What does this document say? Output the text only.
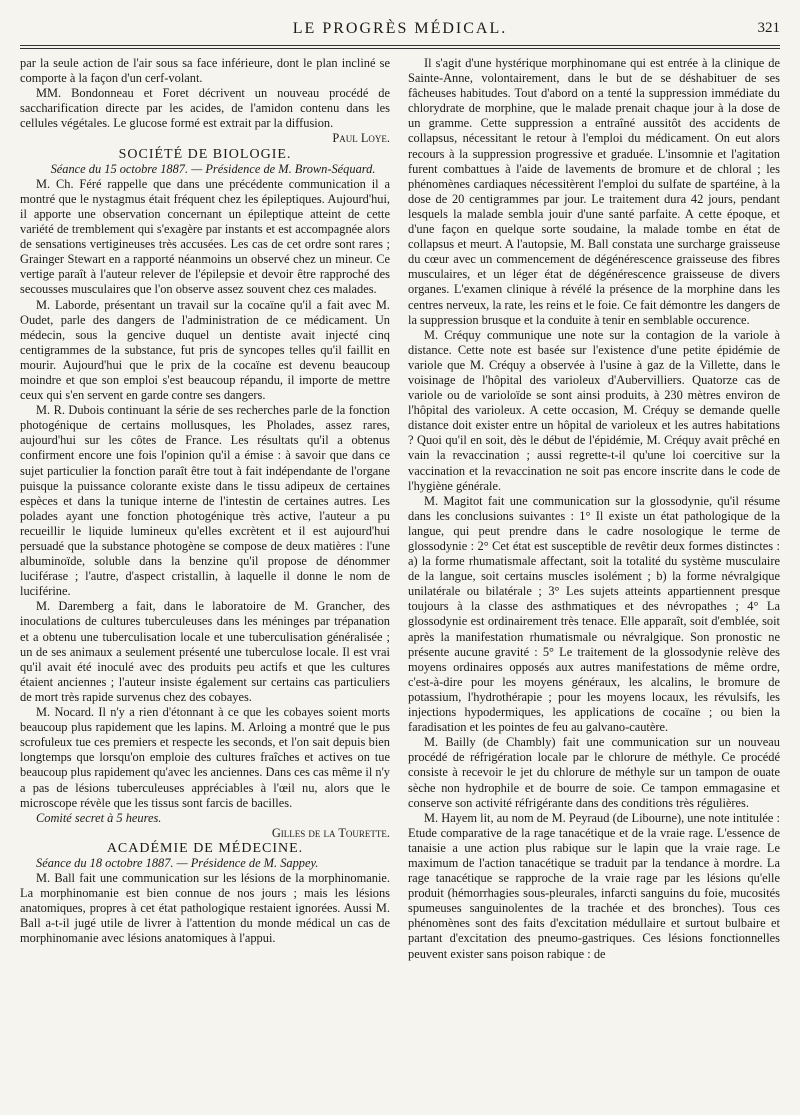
LE PROGRÈS MÉDICAL.	321

par la seule action de l'air sous sa face inférieure, dont le plan incliné se comporte à la façon d'un cerf-volant.

MM. Bondonneau et Foret décrivent un nouveau procédé de saccharification directe par les acides, de l'amidon contenu dans les cellules végétales. Le glucose formé est extrait par la diffusion.

Paul Loye.

SOCIÉTÉ DE BIOLOGIE.

Séance du 15 octobre 1887. — Présidence de M. Brown-Séquard.

M. Ch. Féré rappelle que dans une précédente communication il a montré que le nystagmus était fréquent chez les épileptiques. Aujourd'hui, il apporte une observation concernant un épileptique atteint de cette variété de tremblement qui s'exagère par instants et est accompagnée alors de sensations vertigineuses très accusées. Les cas de cet ordre sont rares ; Grainger Stewart en a rapporté néanmoins un observé chez un mineur. Ce vertige paraît à l'auteur relever de l'épilepsie et devoir être rapproché des secousses musculaires que l'on observe assez souvent chez ces malades.

M. Laborde, présentant un travail sur la cocaïne qu'il a fait avec M. Oudet, parle des dangers de l'administration de ce médicament. Un médecin, sous la gencive duquel un dentiste avait injecté cinq centigrammes de la substance, fut pris de syncopes telles qu'il faillit en mourir. Aujourd'hui que le prix de la cocaïne est devenu beaucoup moindre et que son emploi s'est beaucoup répandu, il importe de mettre ceux qui s'en servent en garde contre ses dangers.

M. R. Dubois continuant la série de ses recherches parle de la fonction photogénique de certains mollusques, les Pholades, assez rares, aujourd'hui sur les côtes de France. Les résultats qu'il a obtenus confirment encore une fois l'opinion qu'il a émise : à savoir que dans ce sujet particulier la fonction paraît être tout à fait indépendante de l'organe puisque la puissance colorante existe dans le tissu adipeux de certaines espèces et dans la tunique interne de l'intestin de certaines autres. Les polades ayant une fonction photogénique très active, l'auteur a pu recueillir le liquide lumineux qu'elles excrètent et il est aujourd'hui persuadé que la substance photogène se compose de deux matières : l'une albuminoïde, soluble dans la benzine qu'il propose de dénommer luciférase ; l'autre, d'aspect cristallin, à laquelle il donne le nom de luciférine.

M. Daremberg a fait, dans le laboratoire de M. Grancher, des inoculations de cultures tuberculeuses dans les méninges par trépanation et a obtenu une tuberculisation locale et une tuberculisation généralisée ; un de ses animaux a seulement présenté une tuberculose locale. Il est vrai qu'il avait été inoculé avec des produits peu actifs et que les cultures étaient anciennes ; l'auteur insiste également sur certains cas particuliers de mort très rapide survenus chez des cobayes.

M. Nocard. Il n'y a rien d'étonnant à ce que les cobayes soient morts beaucoup plus rapidement que les lapins. M. Arloing a montré que le pus scrofuleux tue ces premiers et respecte les seconds, et l'on sait depuis bien longtemps que lorsqu'on emploie des cultures fraîches et actives on tue beaucoup plus rapidement qu'avec les anciennes. Dans ces cas même il n'y a pas de lésions tuberculeuses appréciables à l'œil nu, alors que le microscope révèle que les tissus sont farcis de bacilles.

Comité secret à 5 heures.

Gilles de la Tourette.

ACADÉMIE DE MÉDECINE.

Séance du 18 octobre 1887. — Présidence de M. Sappey.

M. Ball fait une communication sur les lésions de la morphinomanie. La morphinomanie est bien connue de nos jours ; mais les lésions anatomiques, propres à cet état pathologique restaient ignorées. Aussi M. Ball a-t-il jugé utile de livrer à l'attention du monde médical un cas de morphinomanie avec lésions anatomiques à l'appui.

Il s'agit d'une hystérique morphinomane qui est entrée à la clinique de Sainte-Anne, volontairement, dans le but de se déshabituer de ses fâcheuses habitudes. Tout d'abord on a tenté la suppression immédiate du chlorydrate de morphine, que le malade prenait chaque jour à la dose de un gramme. Cette suppression a entraîné aussitôt des accidents de collapsus, nécessitant le retour à l'emploi du médicament. On eut alors recours à la suppression progressive et graduée. L'insomnie et l'agitation furent combattues à l'aide de lavements de bromure et de chloral ; les phénomènes cardiaques nécessitèrent l'emploi du sulfate de spartéine, à la dose de 20 centigrammes par jour. Le traitement dura 42 jours, pendant lesquels la malade sembla jouir d'une santé parfaite. A cette époque, et d'une façon en quelque sorte soudaine, la malade tombe en état de collapsus et meurt. A l'autopsie, M. Ball constata une surcharge graisseuse du cœur avec un commencement de dégénérescence graisseuse des fibres musculaires, et un léger état de dégénérescence graisseuse de divers organes. L'examen clinique à révélé la présence de la morphine dans les centres nerveux, la rate, les reins et le foie. Ce fait démontre les dangers de la suppression brusque et la conduite à tenir en semblable occurence.

M. Créquy communique une note sur la contagion de la variole à distance. Cette note est basée sur l'existence d'une petite épidémie de variole que M. Créquy a observée à l'usine à gaz de la Villette, dans le voisinage de l'hôpital des varioleux d'Aubervilliers. Quatorze cas de variole ou de varioloïde se sont ainsi produits, à 230 mètres environ de l'hôpital des varioleux. A cette occasion, M. Créquy se demande quelle distance doit exister entre un hôpital de varioleux et les autres habitations ? Quoi qu'il en soit, dès le début de l'épidémie, M. Créquy avait prêché en vain la revaccination ; aussi regrette-t-il qu'une loi coercitive sur la vaccination et la revaccination ne soit pas encore inscrite dans le code de l'hygiène générale.

M. Magitot fait une communication sur la glossodynie, qu'il résume dans les conclusions suivantes : 1° Il existe un état pathologique de la langue, qui peut prendre dans le cadre nosologique le terme de glossodynie : 2° Cet état est susceptible de revêtir deux formes distinctes : a) la forme rhumatismale affectant, soit la totalité du système musculaire de la langue, soit certains muscles isolément ; b) la forme névralgique unilatérale ou bilatérale ; 3° Les sujets atteints appartiennent presque toujours à la classe des asthmatiques et des névropathes ; 4° La glossodynie est ordinairement très tenace. Elle apparaît, soit d'emblée, soit après la manifestation rhumatismale ou névralgique. Son pronostic ne présente aucune gravité : 5° Le traitement de la glossodynie relève des moyens ordinaires opposés aux autres manifestations de même ordre, c'est-à-dire pour les moyens généraux, les alcalins, le bromure de potassium, l'hydrothérapie ; pour les moyens locaux, les révulsifs, les injections hypodermiques, les applications de cocaïne ; ou bien la faradisation et les pointes de feu au galvano-cautère.

M. Bailly (de Chambly) fait une communication sur un nouveau procédé de réfrigération locale par le chlorure de méthyle. Ce procédé consiste à recevoir le jet du chlorure de méthyle sur un tampon de ouate sèche non hydrophile et de bourre de soie. Ce tampon emmagasine et conserve son activité réfrigérante dans des conditions très régulières.

M. Hayem lit, au nom de M. Peyraud (de Libourne), une note intitulée : Etude comparative de la rage tanacétique et de la vraie rage. L'essence de tanaisie a une action plus rabique sur le lapin que la vraie rage. Le maximum de l'action tanacétique se traduit par la tendance à mordre. La rage tanacétique se rapproche de la vraie rage par les lésions qu'elle produit (hémorrhagies sous-pleurales, infarcti sanguins du foie, mucosités spumeuses sanguinolentes de la trachée et des bronches). Tous ces phénomènes sont des faits d'excitation médullaire et surtout bulbaire et partant d'excitation des pneumo-gastriques. Ces lésions fonctionnelles peuvent exister sans poison rabique : de
